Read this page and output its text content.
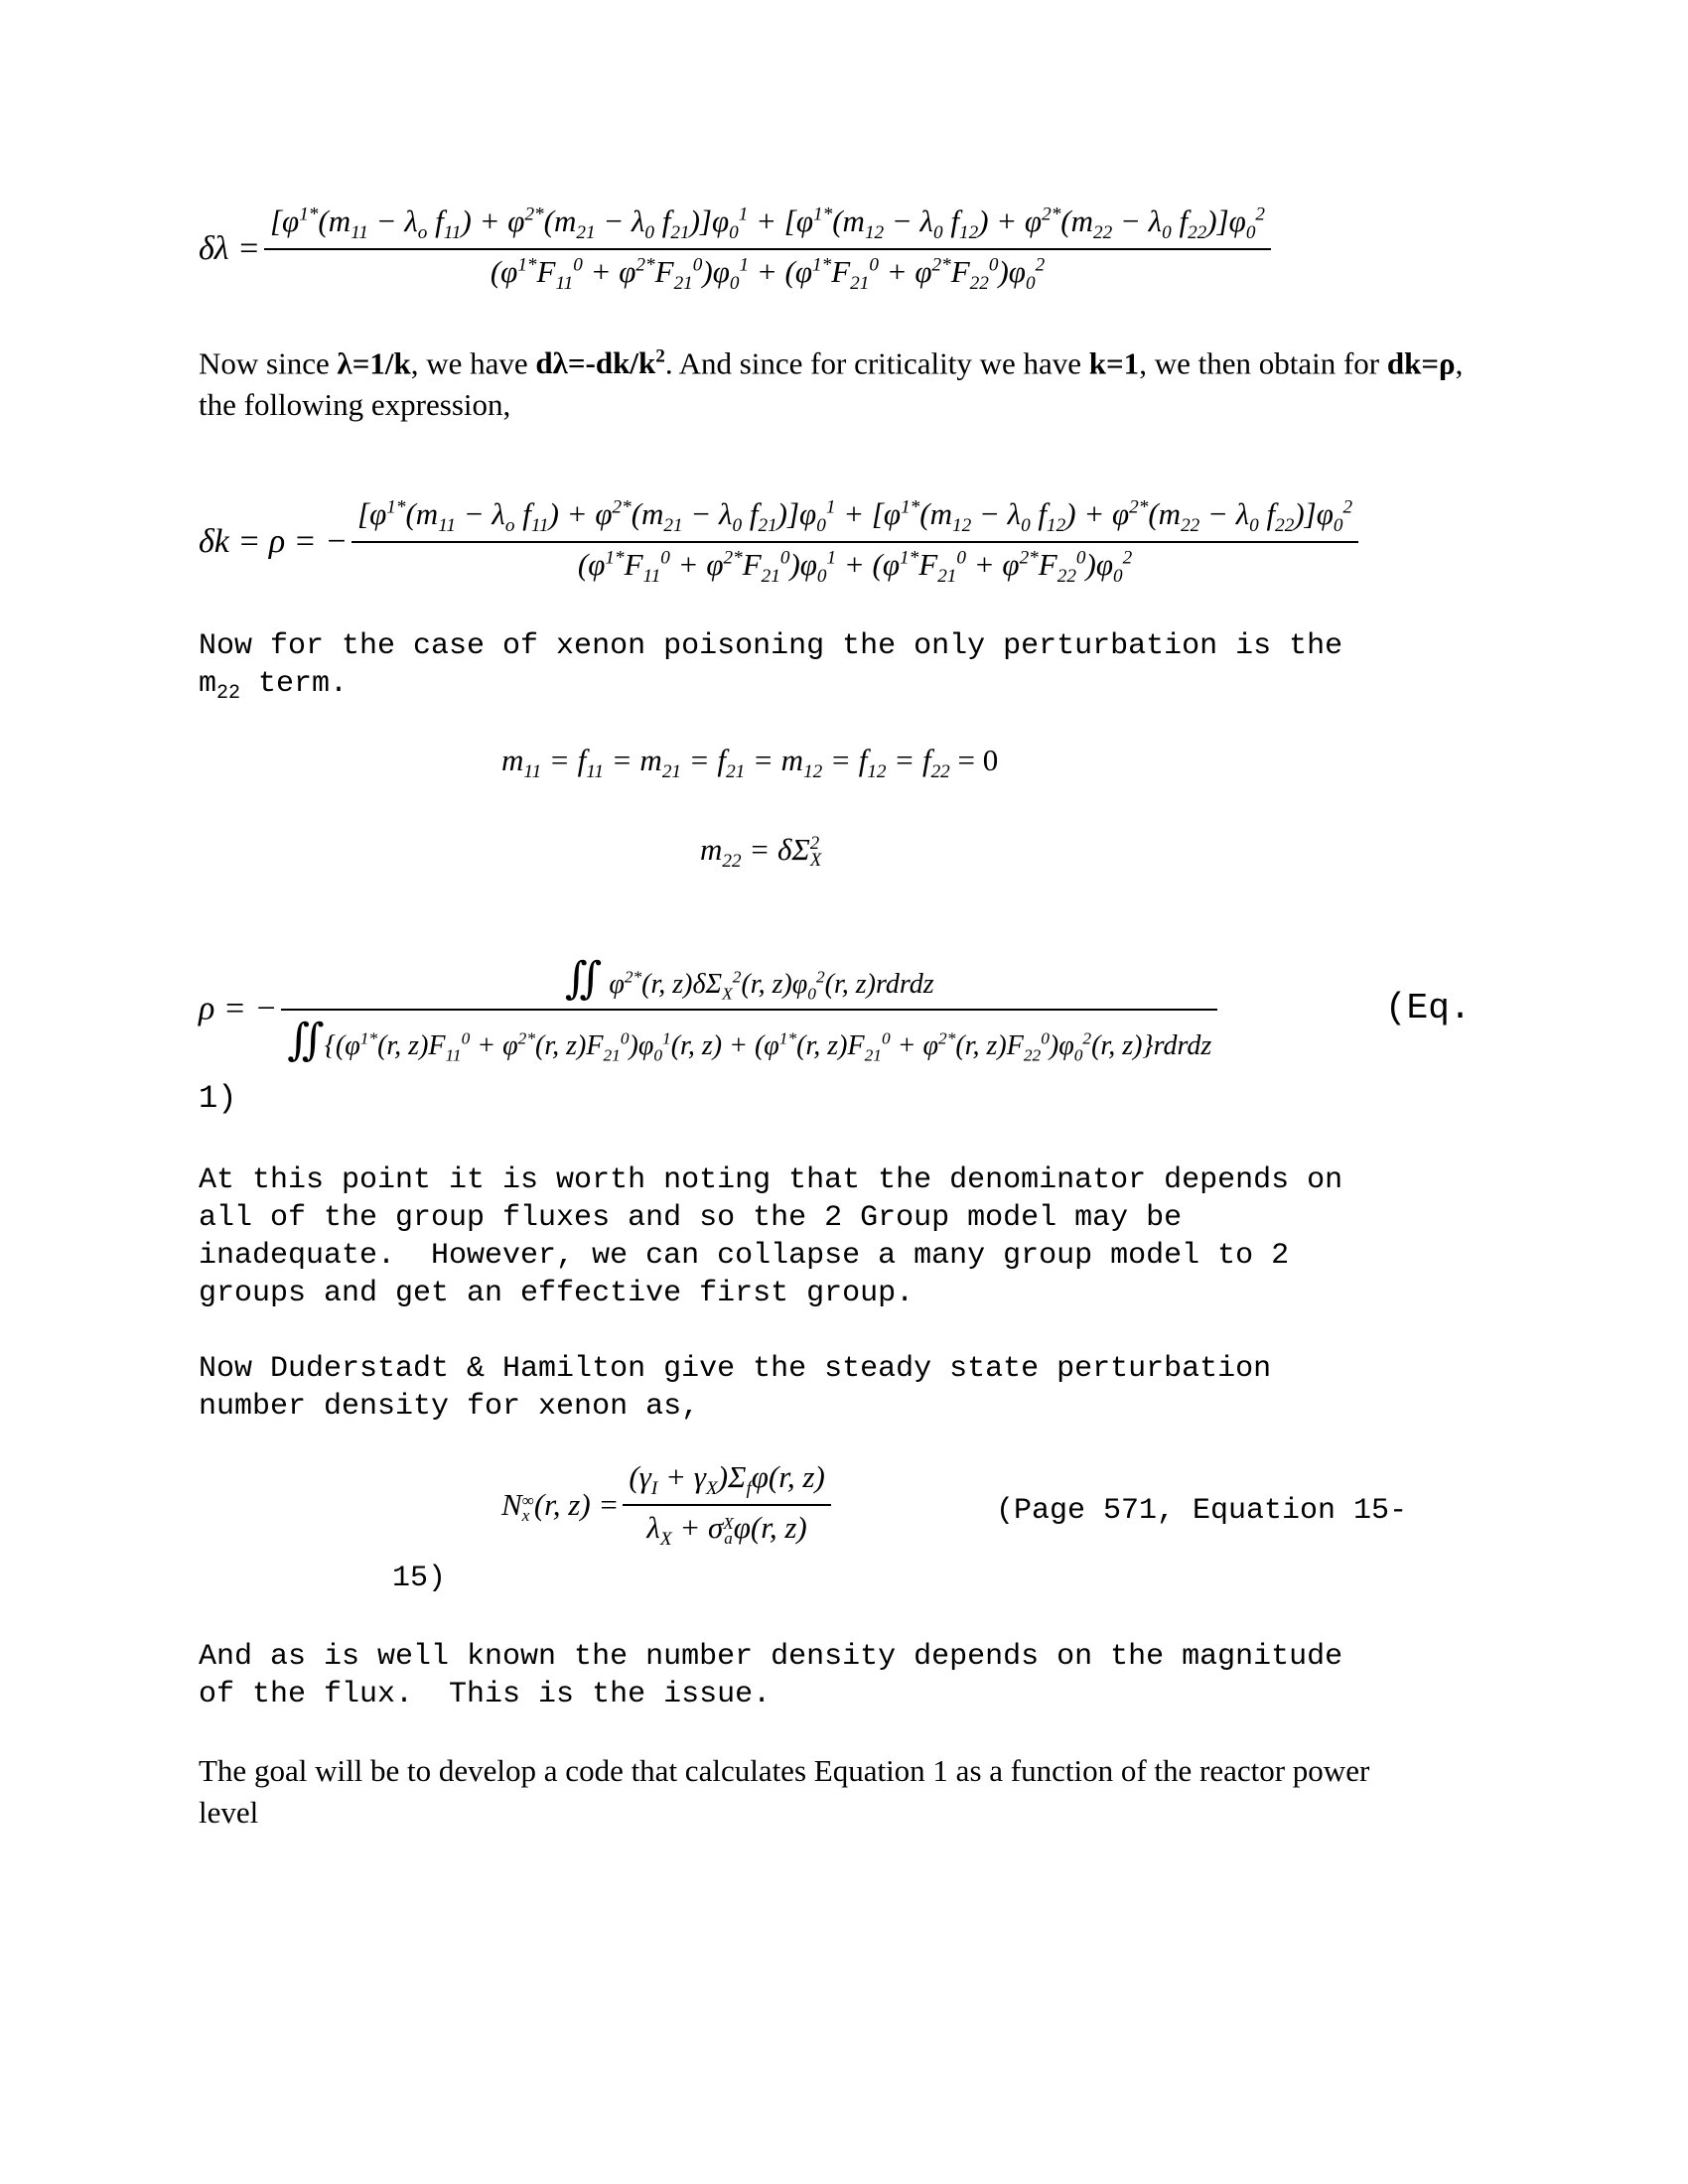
δλ =
[$\varphi^{1*}(m_{11} - \lambda_o$ $f_{11}) + \varphi^{2*}(m_{21} - \lambda_0$ $f_{21})]\varphi_0^1 + [\varphi^{1*}(m_{12} - \lambda_0$ $f_{12}) + \varphi^{2*}(m_{22} - \lambda_0$ $f_{22})]\varphi_0^2$
$(\varphi^{1*}F_{11}^0 + \varphi^{2*}F_{21}^0)\varphi_0^1 + (\varphi^{1*}F_{21}^0 + \varphi^{2*}F_{22}^0)\varphi_0^2$
Now since λ=1/k, we have $d\lambda=-dk/k^2$. And since for criticality we have k=1, we then obtain for dk=ρ, the following expression,
δk = ρ = −
[$\varphi^{1*}(m_{11} - \lambda_o$ $f_{11}) + \varphi^{2*}(m_{21} - \lambda_0$ $f_{21})]\varphi_0^1 + [\varphi^{1*}(m_{12} - \lambda_0$ $f_{12}) + \varphi^{2*}(m_{22} - \lambda_0$ $f_{22})]\varphi_0^2$
$(\varphi^{1*}F_{11}^0 + \varphi^{2*}F_{21}^0)\varphi_0^1 + (\varphi^{1*}F_{21}^0 + \varphi^{2*}F_{22}^0)\varphi_0^2$
Now for the case of xenon poisoning the only perturbation is the
$m_{22}$ term.
$m_{11} = f_{11} = m_{21} = f_{21} = m_{12} = f_{12} = f_{22} = 0$
$m_{22} = \delta\Sigma$ 2
X
ρ = −
∬ $\varphi^{2*}(r$, $z)\delta\Sigma_X^2(r$, $z)\varphi_0^2(r$, z)rdrdz
$∬\{(\varphi^{1*}(r$, $z)F_{11}^0 + \varphi^{2*}(r$, $z)F_{21}^0)\varphi_0^1(r$, $z) + (\varphi^{1*}(r$, $z)F_{21}^0 + \varphi^{2*}(r$, $z)F_{22}^0)\varphi_0^2(r$, z)}rdrdz
(Eq.
1)
At this point it is worth noting that the denominator depends on
all of the group fluxes and so the 2 Group model may be
inadequate.  However, we can collapse a many group model to 2
groups and get an effective first group.
Now Duderstadt & Hamilton give the steady state perturbation
number density for xenon as,
N ∞
x (r, $z) = (\gamma_I + \gamma_X)\Sigma_f\varphi(r$, z)
$\lambda_X + \sigma$ X
a φ(r, z)	(Page 571, Equation 15-
15)
And as is well known the number density depends on the magnitude
of the flux.  This is the issue.
The goal will be to develop a code that calculates Equation 1 as a function of the reactor power
level
